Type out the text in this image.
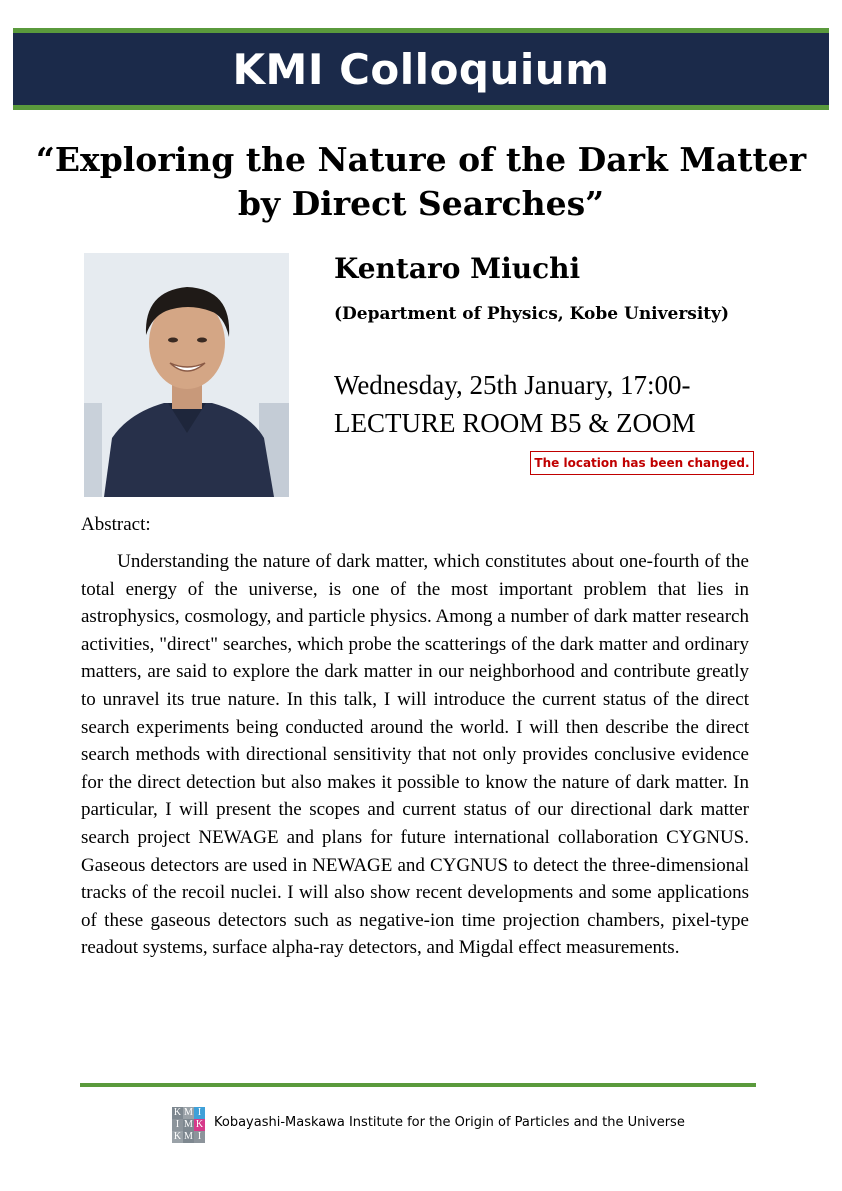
KMI Colloquium
“Exploring the Nature of the Dark Matter
by Direct Searches”
Kentaro Miuchi
(Department of Physics, Kobe University)
Wednesday, 25th January, 17:00-
LECTURE ROOM B5 & ZOOM
The location has been changed.
Abstract:

Understanding the nature of dark matter, which constitutes about one-fourth of the total energy of the universe, is one of the most important problem that lies in astrophysics, cosmology, and particle physics. Among a number of dark matter research activities, "direct" searches, which probe the scatterings of the dark matter and ordinary matters, are said to explore the dark matter in our neighborhood and contribute greatly to unravel its true nature. In this talk, I will introduce the current status of the direct search experiments being conducted around the world. I will then describe the direct search methods with directional sensitivity that not only provides conclusive evidence for the direct detection but also makes it possible to know the nature of dark matter. In particular, I will present the scopes and current status of our directional dark matter search project NEWAGE and plans for future international collaboration CYGNUS. Gaseous detectors are used in NEWAGE and CYGNUS to detect the three-dimensional tracks of the recoil nuclei. I will also show recent developments and some applications of these gaseous detectors such as negative-ion time projection chambers, pixel-type readout systems, surface alpha-ray detectors, and Migdal effect measurements.

K M I
I M K
K M I
Kobayashi-Maskawa Institute for the Origin of Particles and the Universe
